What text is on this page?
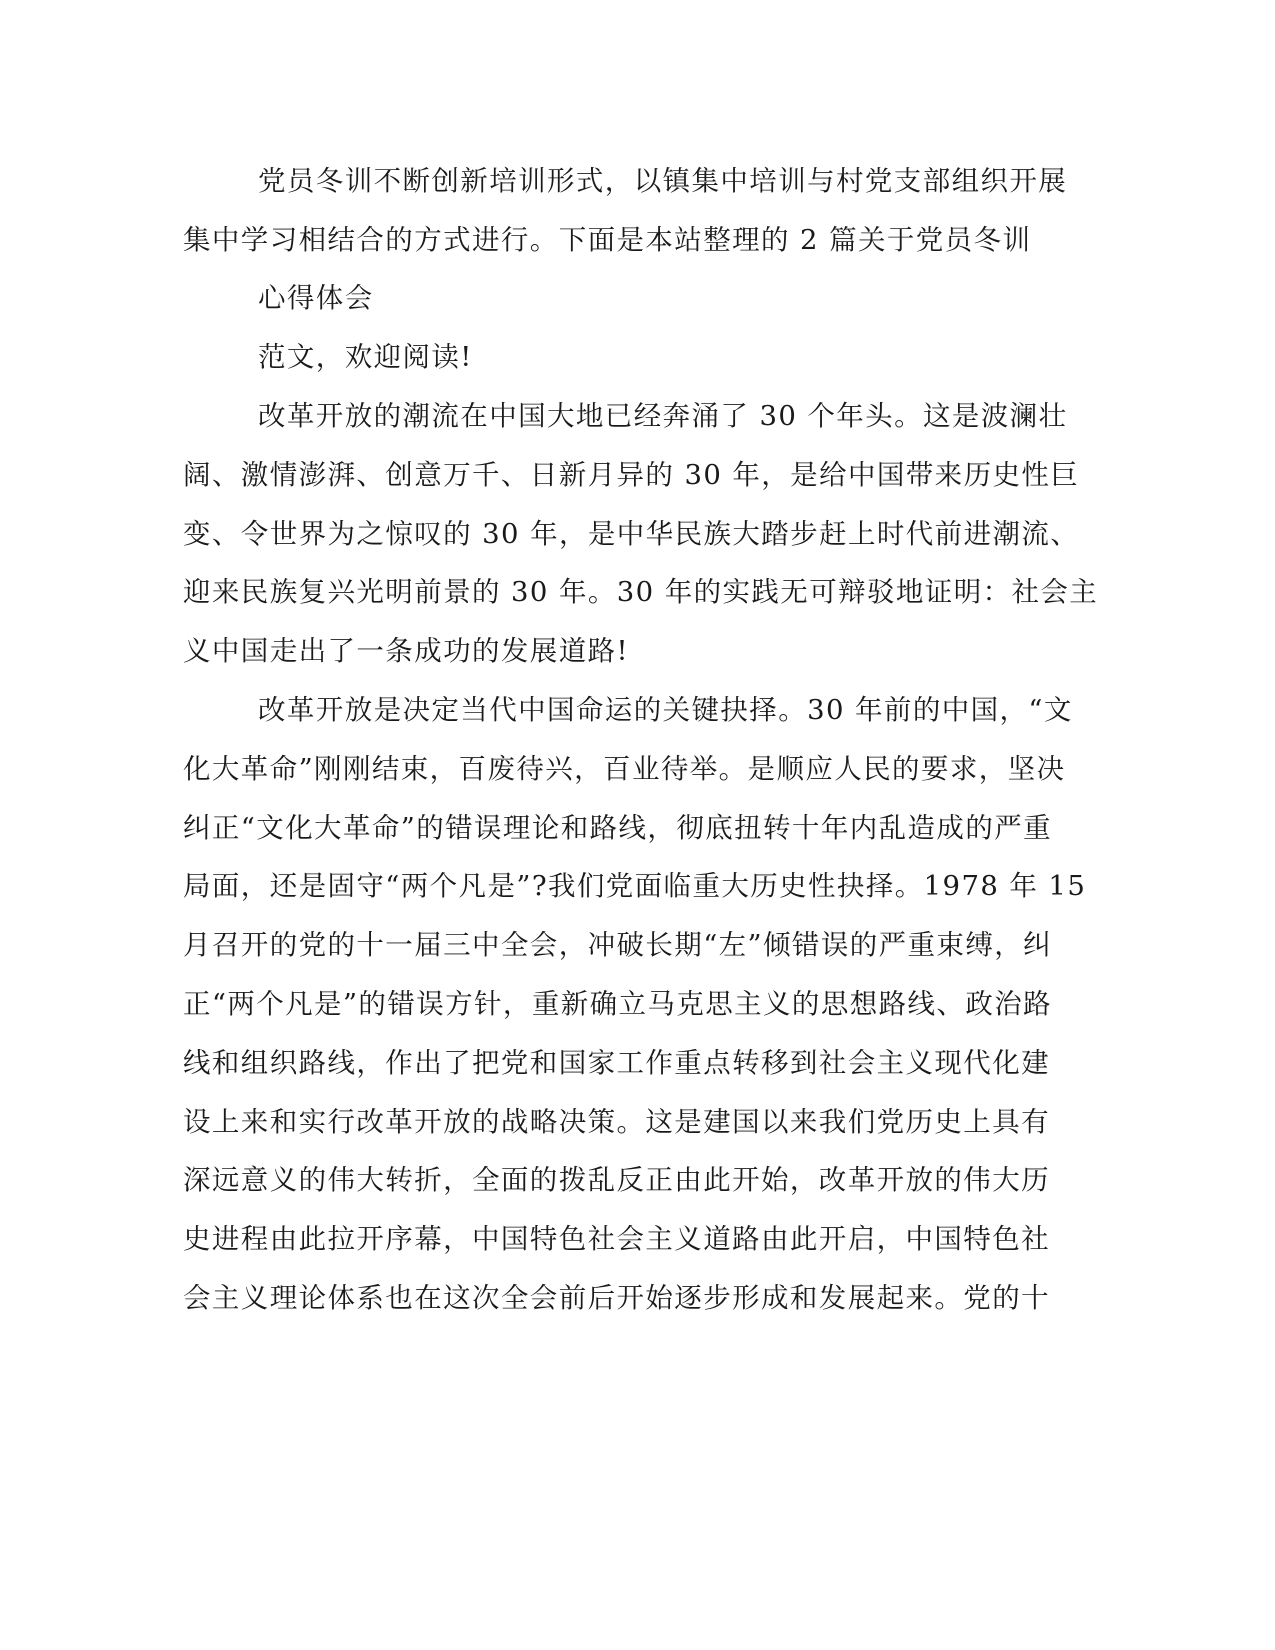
党员冬训不断创新培训形式，以镇集中培训与村党支部组织开展

集中学习相结合的方式进行。下面是本站整理的 2 篇关于党员冬训

心得体会

范文，欢迎阅读!

改革开放的潮流在中国大地已经奔涌了 30 个年头。这是波澜壮

阔、激情澎湃、创意万千、日新月异的 30 年，是给中国带来历史性巨

变、令世界为之惊叹的 30 年，是中华民族大踏步赶上时代前进潮流、

迎来民族复兴光明前景的 30 年。30 年的实践无可辩驳地证明：社会主

义中国走出了一条成功的发展道路!

改革开放是决定当代中国命运的关键抉择。30 年前的中国，“文

化大革命”刚刚结束，百废待兴，百业待举。是顺应人民的要求，坚决

纠正“文化大革命”的错误理论和路线，彻底扭转十年内乱造成的严重

局面，还是固守“两个凡是”?我们党面临重大历史性抉择。1978 年 15

月召开的党的十一届三中全会，冲破长期“左”倾错误的严重束缚，纠

正“两个凡是”的错误方针，重新确立马克思主义的思想路线、政治路

线和组织路线，作出了把党和国家工作重点转移到社会主义现代化建

设上来和实行改革开放的战略决策。这是建国以来我们党历史上具有

深远意义的伟大转折，全面的拨乱反正由此开始，改革开放的伟大历

史进程由此拉开序幕，中国特色社会主义道路由此开启，中国特色社

会主义理论体系也在这次全会前后开始逐步形成和发展起来。党的十
